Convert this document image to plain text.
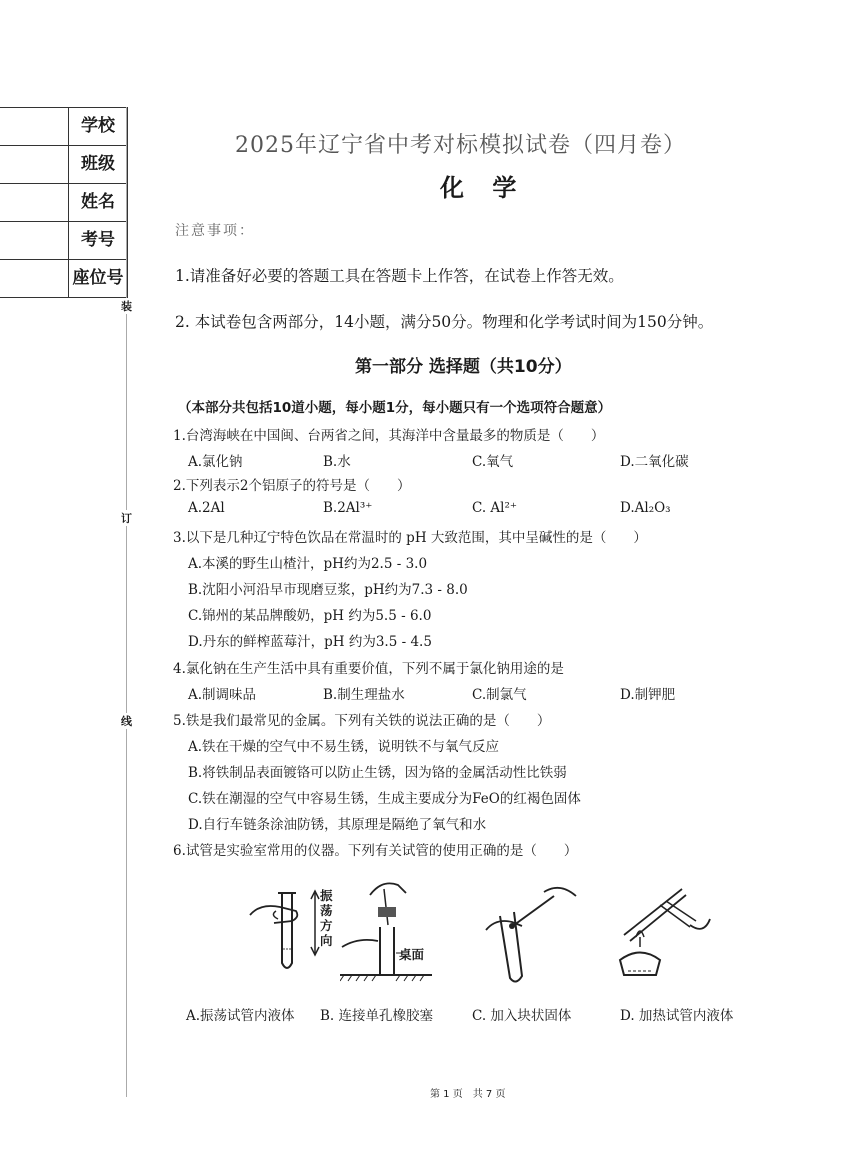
学校
班级
姓名
考号
座位号
装
订
线
2025年辽宁省中考对标模拟试卷（四月卷）
化 学
注意事项：
1.请准备好必要的答题工具在答题卡上作答，在试卷上作答无效。
2. 本试卷包含两部分，14小题，满分50分。物理和化学考试时间为150分钟。
第一部分 选择题（共10分）
（本部分共包括10道小题，每小题1分，每小题只有一个选项符合题意）
1.台湾海峡在中国闽、台两省之间，其海洋中含量最多的物质是（　　）
A.氯化钠	B.水	C.氧气	D.二氧化碳
2.下列表示2个铝原子的符号是（　　）
A.2Al	B.2Al³⁺	C. Al²⁺	D.Al₂O₃
3.以下是几种辽宁特色饮品在常温时的 pH 大致范围，其中呈碱性的是（　　）
A.本溪的野生山楂汁，pH约为2.5 - 3.0
B.沈阳小河沿早市现磨豆浆，pH约为7.3 - 8.0
C.锦州的某品牌酸奶，pH 约为5.5 - 6.0
D.丹东的鲜榨蓝莓汁，pH 约为3.5 - 4.5
4.氯化钠在生产生活中具有重要价值，下列不属于氯化钠用途的是
A.制调味品	B.制生理盐水	C.制氯气	D.制钾肥
5.铁是我们最常见的金属。下列有关铁的说法正确的是（　　）
A.铁在干燥的空气中不易生锈，说明铁不与氧气反应
B.将铁制品表面镀铬可以防止生锈，因为铬的金属活动性比铁弱
C.铁在潮湿的空气中容易生锈，生成主要成分为FeO的红褐色固体
D.自行车链条涂油防锈，其原理是隔绝了氧气和水
6.试管是实验室常用的仪器。下列有关试管的使用正确的是（　　）
振荡方向
桌面
A.振荡试管内液体 B. 连接单孔橡胶塞	C. 加入块状固体	D. 加热试管内液体
第 1 页　共 7 页
